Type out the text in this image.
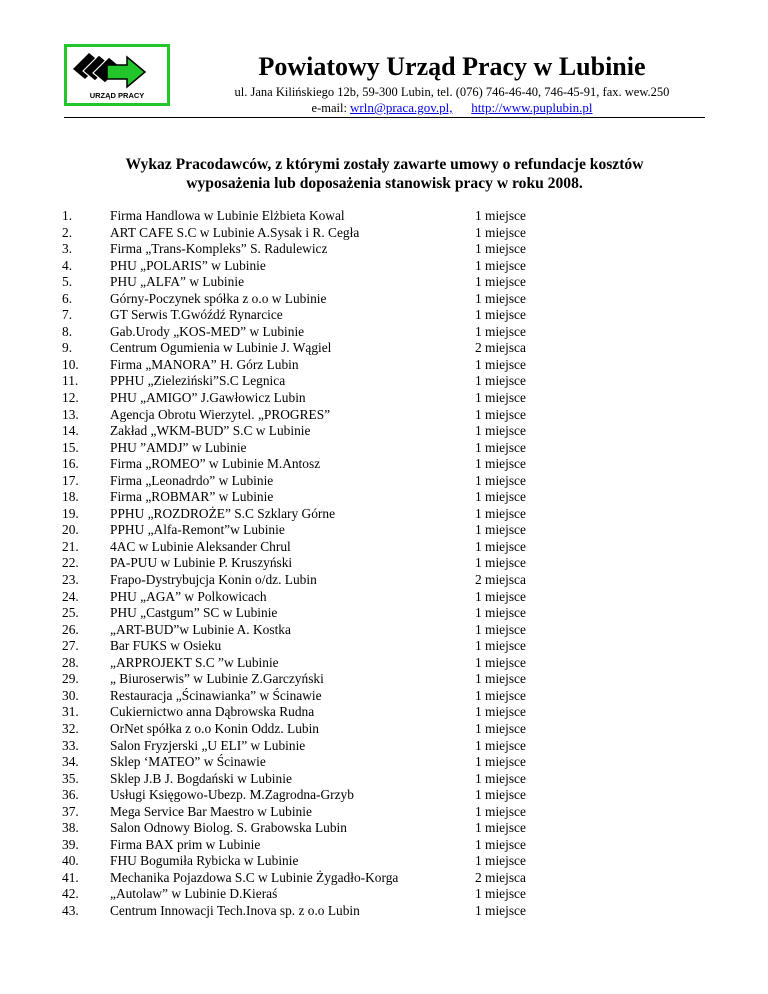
URZĄD PRACY
Powiatowy Urząd Pracy w Lubinie
ul. Jana Kilińskiego 12b, 59-300 Lubin, tel. (076) 746-46-40, 746-45-91, fax. wew.250
e-mail: wrln@praca.gov.pl, http://www.puplubin.pl
Wykaz Pracodawców, z którymi zostały zawarte umowy o refundacje kosztów
wyposażenia lub doposażenia stanowisk pracy w roku 2008.
1.	Firma Handlowa w Lubinie Elżbieta Kowal	1 miejsce
2.	ART CAFE S.C w Lubinie A.Sysak i R. Cegła	1 miejsce
3.	Firma „Trans-Kompleks” S. Radulewicz	1 miejsce
4.	PHU „POLARIS” w Lubinie	1 miejsce
5.	PHU „ALFA” w Lubinie	1 miejsce
6.	Górny-Poczynek spółka z o.o w Lubinie	1 miejsce
7.	GT Serwis T.Gwóźdź Rynarcice	1 miejsce
8.	Gab.Urody „KOS-MED” w Lubinie	1 miejsce
9.	Centrum Ogumienia w Lubinie J. Wągiel	2 miejsca
10. Firma „MANORA” H. Górz Lubin	1 miejsce
11. PPHU „Zieleziński”S.C Legnica	1 miejsce
12. PHU „AMIGO” J.Gawłowicz Lubin	1 miejsce
13. Agencja Obrotu Wierzytel. „PROGRES”	1 miejsce
14. Zakład „WKM-BUD” S.C w Lubinie	1 miejsce
15. PHU ”AMDJ” w Lubinie	1 miejsce
16. Firma „ROMEO” w Lubinie M.Antosz	1 miejsce
17. Firma „Leonadrdo” w Lubinie	1 miejsce
18. Firma „ROBMAR” w Lubinie	1 miejsce
19. PPHU „ROZDROŻE” S.C Szklary Górne	1 miejsce
20. PPHU „Alfa-Remont”w Lubinie	1 miejsce
21. 4AC w Lubinie Aleksander Chrul	1 miejsce
22. PA-PUU w Lubinie P. Kruszyński	1 miejsce
23. Frapo-Dystrybujcja Konin o/dz. Lubin	2 miejsca
24. PHU „AGA” w Polkowicach	1 miejsce
25. PHU „Castgum” SC w Lubinie	1 miejsce
26. „ART-BUD”w Lubinie A. Kostka	1 miejsce
27. Bar FUKS w Osieku	1 miejsce
28. „ARPROJEKT S.C ”w Lubinie	1 miejsce
29. „ Biuroserwis” w Lubinie Z.Garczyński	1 miejsce
30. Restauracja „Ścinawianka” w Ścinawie	1 miejsce
31. Cukiernictwo anna Dąbrowska Rudna	1 miejsce
32. OrNet spółka z o.o Konin Oddz. Lubin	1 miejsce
33. Salon Fryzjerski „U ELI” w Lubinie	1 miejsce
34. Sklep ‘MATEO” w Ścinawie	1 miejsce
35. Sklep J.B J. Bogdański w Lubinie	1 miejsce
36. Usługi Księgowo-Ubezp. M.Zagrodna-Grzyb	1 miejsce
37. Mega Service Bar Maestro w Lubinie	1 miejsce
38. Salon Odnowy Biolog. S. Grabowska Lubin	1 miejsce
39. Firma BAX prim w Lubinie	1 miejsce
40. FHU Bogumiła Rybicka w Lubinie	1 miejsce
41. Mechanika Pojazdowa S.C w Lubinie Żygadło-Korga	2 miejsca
42. „Autolaw” w Lubinie D.Kieraś	1 miejsce
43. Centrum Innowacji Tech.Inova sp. z o.o Lubin	1 miejsce
